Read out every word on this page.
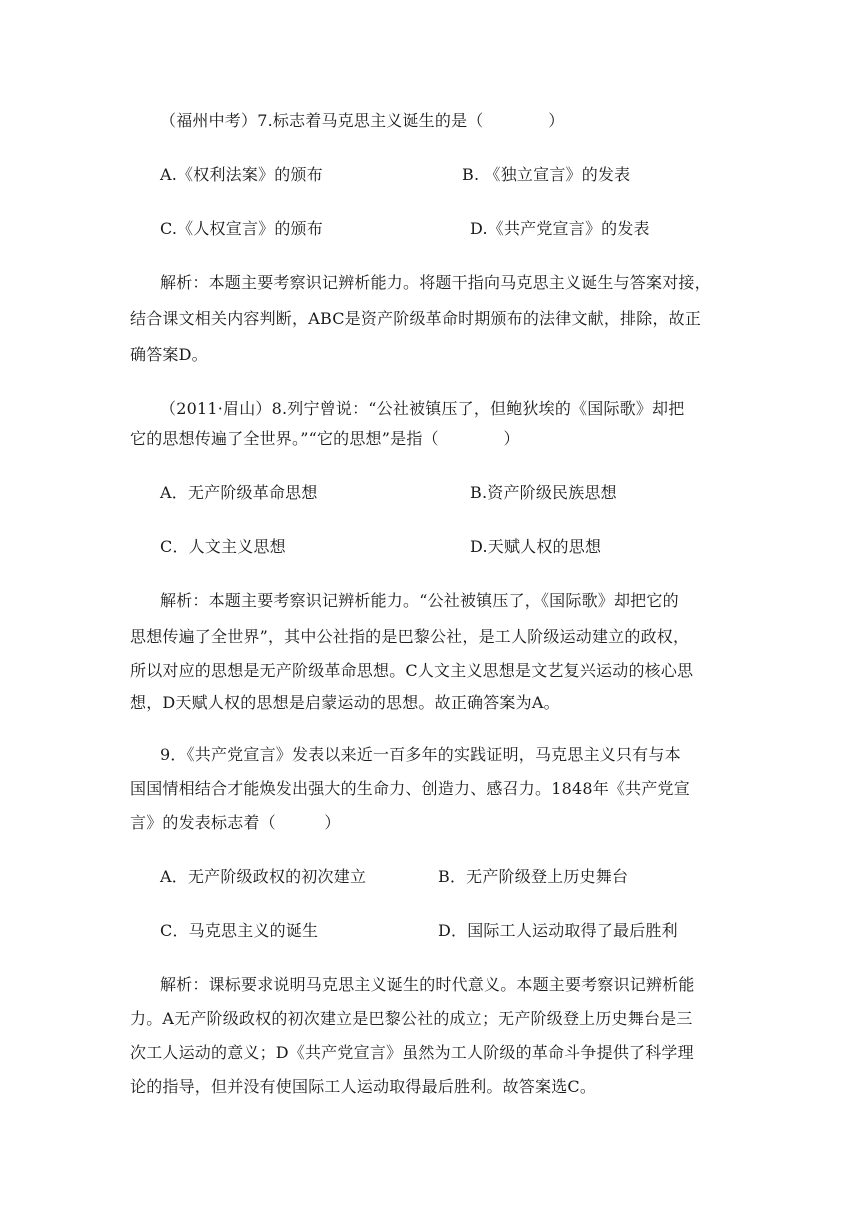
（福州中考）7.标志着马克思主义诞生的是（　　　　）
A.《权利法案》的颁布	B. 《独立宣言》的发表
C.《人权宣言》的颁布	D.《共产党宣言》的发表
解析：本题主要考察识记辨析能力。将题干指向马克思主义诞生与答案对接，
结合课文相关内容判断，ABC是资产阶级革命时期颁布的法律文献，排除，故正
确答案D。
（2011·眉山）8.列宁曾说：“公社被镇压了，但鲍狄埃的《国际歌》却把
它的思想传遍了全世界。”“它的思想”是指（　　　　）
A．无产阶级革命思想	B.资产阶级民族思想
C．人文主义思想	D.天赋人权的思想
解析：本题主要考察识记辨析能力。“公社被镇压了，《国际歌》却把它的
思想传遍了全世界”，其中公社指的是巴黎公社，是工人阶级运动建立的政权，
所以对应的思想是无产阶级革命思想。C人文主义思想是文艺复兴运动的核心思
想，D天赋人权的思想是启蒙运动的思想。故正确答案为A。
9．《共产党宣言》发表以来近一百多年的实践证明，马克思主义只有与本
国国情相结合才能焕发出强大的生命力、创造力、感召力。1848年《共产党宣
言》的发表标志着（　　　）
A．无产阶级政权的初次建立	B．无产阶级登上历史舞台
C．马克思主义的诞生	D．国际工人运动取得了最后胜利
解析：课标要求说明马克思主义诞生的时代意义。本题主要考察识记辨析能
力。A无产阶级政权的初次建立是巴黎公社的成立；无产阶级登上历史舞台是三
次工人运动的意义；D《共产党宣言》虽然为工人阶级的革命斗争提供了科学理
论的指导，但并没有使国际工人运动取得最后胜利。故答案选C。
